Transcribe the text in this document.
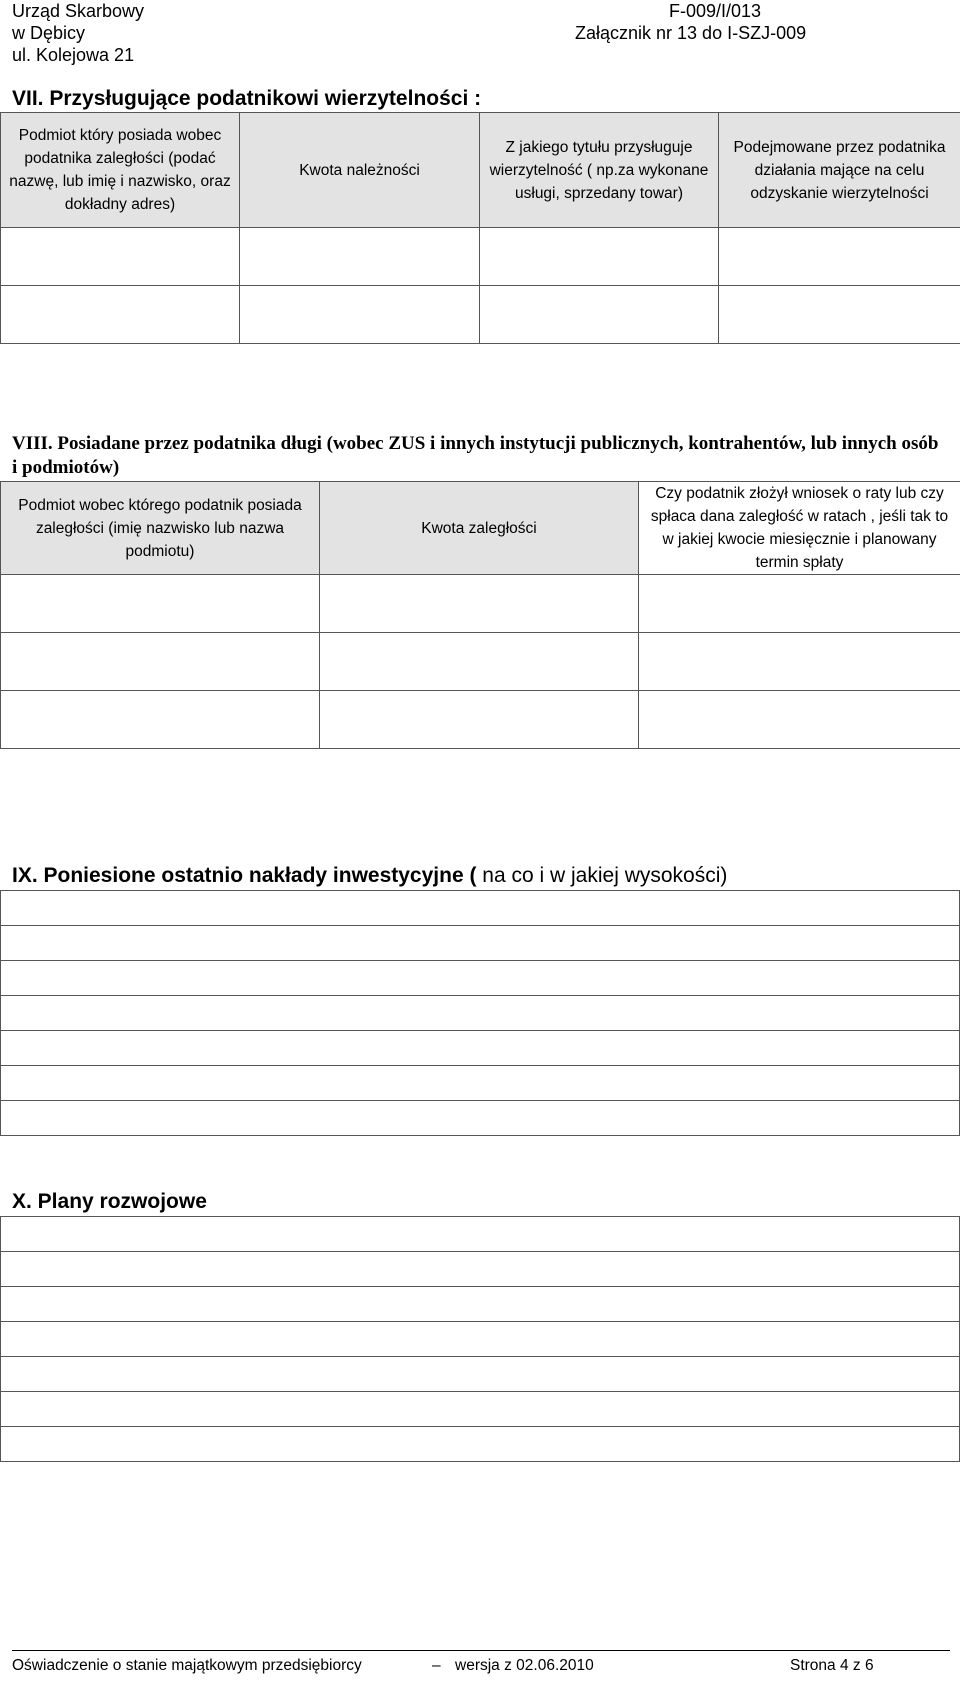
Urząd Skarbowy
w Dębicy
ul. Kolejowa 21
F-009/I/013
Załącznik nr 13 do I-SZJ-009
VII. Przysługujące podatnikowi wierzytelności :
Podmiot który posiada wobec podatnika zaległości (podać nazwę, lub imię i nazwisko, oraz dokładny adres)	Kwota należności	Z jakiego tytułu przysługuje wierzytelność ( np.za wykonane usługi, sprzedany towar)	Podejmowane przez podatnika działania mające na celu odzyskanie wierzytelności

VIII. Posiadane przez podatnika długi (wobec ZUS i innych instytucji publicznych, kontrahentów, lub innych osób i podmiotów)
Podmiot wobec którego podatnik posiada zaległości (imię nazwisko lub nazwa podmiotu)	Kwota zaległości	Czy podatnik złożył wniosek o raty lub czy spłaca dana zaległość w ratach , jeśli tak to w jakiej kwocie miesięcznie i planowany termin spłaty

IX. Poniesione ostatnio nakłady inwestycyjne ( na co i w jakiej wysokości)

X. Plany rozwojowe

Oświadczenie o stanie majątkowym przedsiębiorcy	– wersja z 02.06.2010	Strona 4 z 6
